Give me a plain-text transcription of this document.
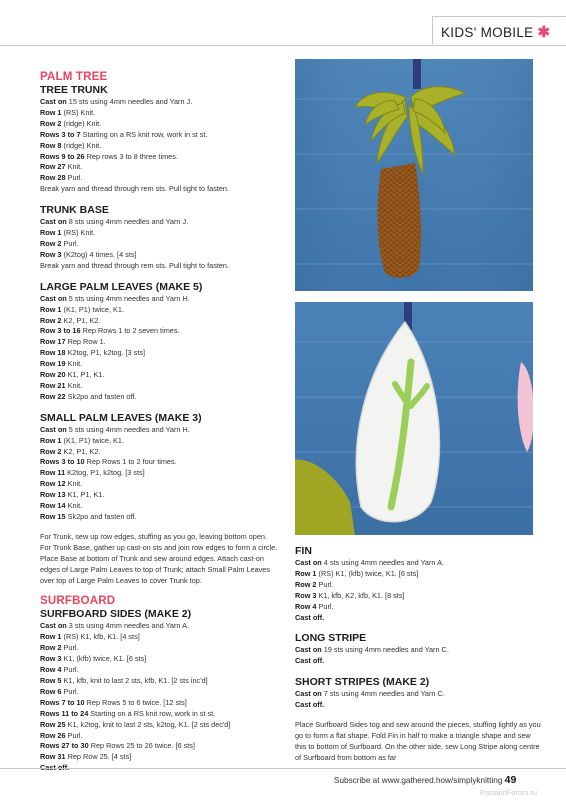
KIDS' MOBILE ✱
PALM TREE
TREE TRUNK
Cast on 15 sts using 4mm needles and Yarn J.
Row 1 (RS) Knit.
Row 2 (ridge) Knit.
Rows 3 to 7 Starting on a RS knit row, work in st st.
Row 8 (ridge) Knit.
Rows 9 to 26 Rep rows 3 to 8 three times.
Row 27 Knit.
Row 28 Purl.
Break yarn and thread through rem sts. Pull tight to fasten.
TRUNK BASE
Cast on 8 sts using 4mm needles and Yarn J.
Row 1 (RS) Knit.
Row 2 Purl.
Row 3 (K2tog) 4 times. [4 sts]
Break yarn and thread through rem sts. Pull tight to fasten.
LARGE PALM LEAVES (MAKE 5)
Cast on 5 sts using 4mm needles and Yarn H.
Row 1 (K1, P1) twice, K1.
Row 2 K2, P1, K2.
Row 3 to 16 Rep Rows 1 to 2 seven times.
Row 17 Rep Row 1.
Row 18 K2tog, P1, k2tog. [3 sts]
Row 19 Knit.
Row 20 K1, P1, K1.
Row 21 Knit.
Row 22 Sk2po and fasten off.
SMALL PALM LEAVES (MAKE 3)
Cast on 5 sts using 4mm needles and Yarn H.
Row 1 (K1, P1) twice, K1.
Row 2 K2, P1, K2.
Rows 3 to 10 Rep Rows 1 to 2 four times.
Row 11 K2tog, P1, k2tog. [3 sts]
Row 12 Knit.
Row 13 K1, P1, K1.
Row 14 Knit.
Row 15 Sk2po and fasten off.
For Trunk, sew up row edges, stuffing as you go, leaving bottom open. For Trunk Base, gather up cast-on sts and join row edges to form a circle. Place Base at bottom of Trunk and sew around edges. Attach cast-on edges of Large Palm Leaves to top of Trunk; attach Small Palm Leaves over top of Large Palm Leaves to cover Trunk top.
SURFBOARD
SURFBOARD SIDES (MAKE 2)
Cast on 3 sts using 4mm needles and Yarn A.
Row 1 (RS) K1, kfb, K1. [4 sts]
Row 2 Purl.
Row 3 K1, (kfb) twice, K1. [6 sts]
Row 4 Purl.
Row 5 K1, kfb, knit to last 2 sts, kfb, K1. [2 sts inc'd]
Row 6 Purl.
Rows 7 to 10 Rep Rows 5 to 6 twice. [12 sts]
Rows 11 to 24 Starting on a RS knit row, work in st st.
Row 25 K1, k2tog, knit to last 2 sts, k2tog, K1. [2 sts dec'd]
Row 26 Purl.
Rows 27 to 30 Rep Rows 25 to 26 twice. [6 sts]
Row 31 Rep Row 25. [4 sts]
FIN
Cast on 4 sts using 4mm needles and Yarn A.
Row 1 (RS) K1, (kfb) twice, K1. [6 sts]
Row 2 Purl.
Row 3 K1, kfb, K2, kfb, K1. [8 sts]
Row 4 Purl.
Cast off.
LONG STRIPE
Cast on 19 sts using 4mm needles and Yarn C.
Cast off.
SHORT STRIPES (MAKE 2)
Cast on 7 sts using 4mm needles and Yarn C.
Cast off.
Place Surfboard Sides tog and sew around the pieces, stuffing lightly as you go to form a flat shape. Fold Fin in half to make a triangle shape and sew this to bottom of Surfboard. On the other side, sew Long Stripe along centre of Surfboard from bottom as far
Subscribe at www.gathered.how/simplyknitting 49
PassionForum.ru
